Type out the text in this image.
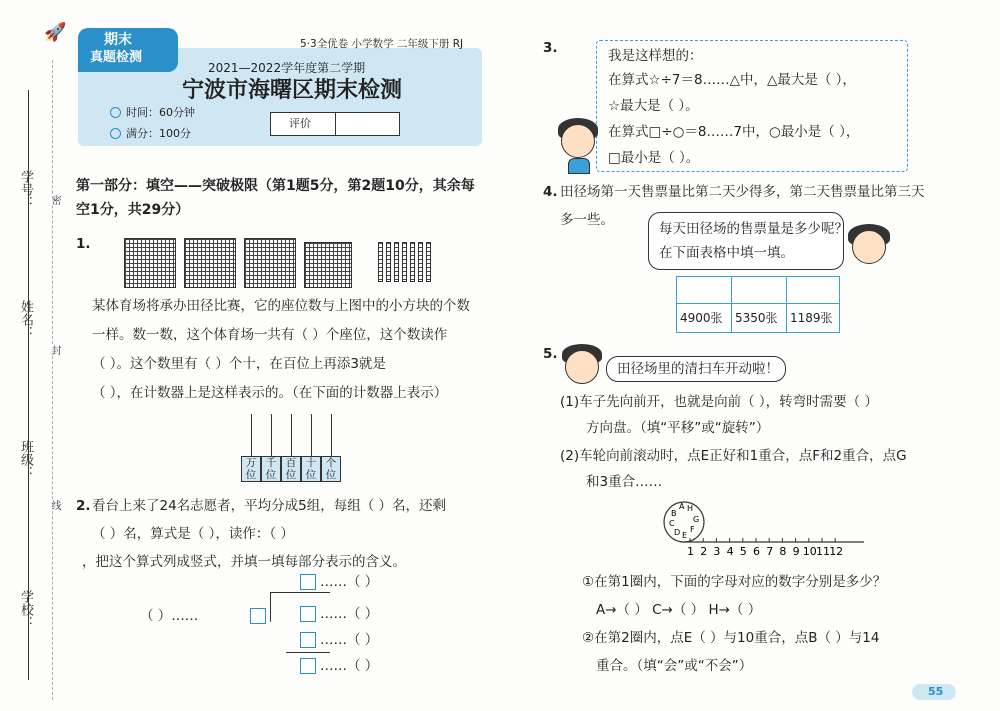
🚀
学号：
姓名：
班级：
学校：
密
封
线
期末
真题检测
5·3全优卷 小学数学 二年级下册 RJ
2021—2022学年度第二学期
宁波市海曙区期末检测
时间：60分钟
满分：100分
评价
第一部分：填空——突破极限（第1题5分，第2题10分，其余每
空1分，共29分）
1.
某体育场将承办田径比赛，它的座位数与上图中的小方块的个数
一样。数一数，这个体育场一共有（ ）个座位，这个数读作
（ ）。这个数里有（ ）个十，在百位上再添3就是
（ ），在计数器上是这样表示的。（在下面的计数器上表示）
万位
千位
百位
十位
个位
2. 看台上来了24名志愿者，平均分成5组，每组（ ）名，还剩
（ ）名，算式是（ ），读作：（ ）
，把这个算式列成竖式，并填一填每部分表示的含义。
（ ）……
……（ ）
……（ ）
……（ ）
……（ ）
3.	我是这样想的：
在算式☆÷7＝8……△中，△最大是（ ），
☆最大是（ ）。
在算式□÷○＝8……7中，○最小是（ ），
□最小是（ ）。
4. 田径场第一天售票量比第二天少得多，第二天售票量比第三天
多一些。
每天田径场的售票量是多少呢？
在下面表格中填一填。
4900张 5350张 1189张
5.
田径场里的清扫车开动啦！
(1)车子先向前开，也就是向前（ ），转弯时需要（ ）
方向盘。（填“平移”或“旋转”）
(2)车轮向前滚动时，点E正好和1重合，点F和2重合，点G
和3重合……
A H
B
G
C
F
D E
1 2 3 4 5 6 7 8 9 10 11 12
①在第1圈内，下面的字母对应的数字分别是多少？
A→（ ） C→（ ） H→（ ）
②在第2圈内，点E（ ）与10重合，点B（ ）与14
重合。（填“会”或“不会”）
55
